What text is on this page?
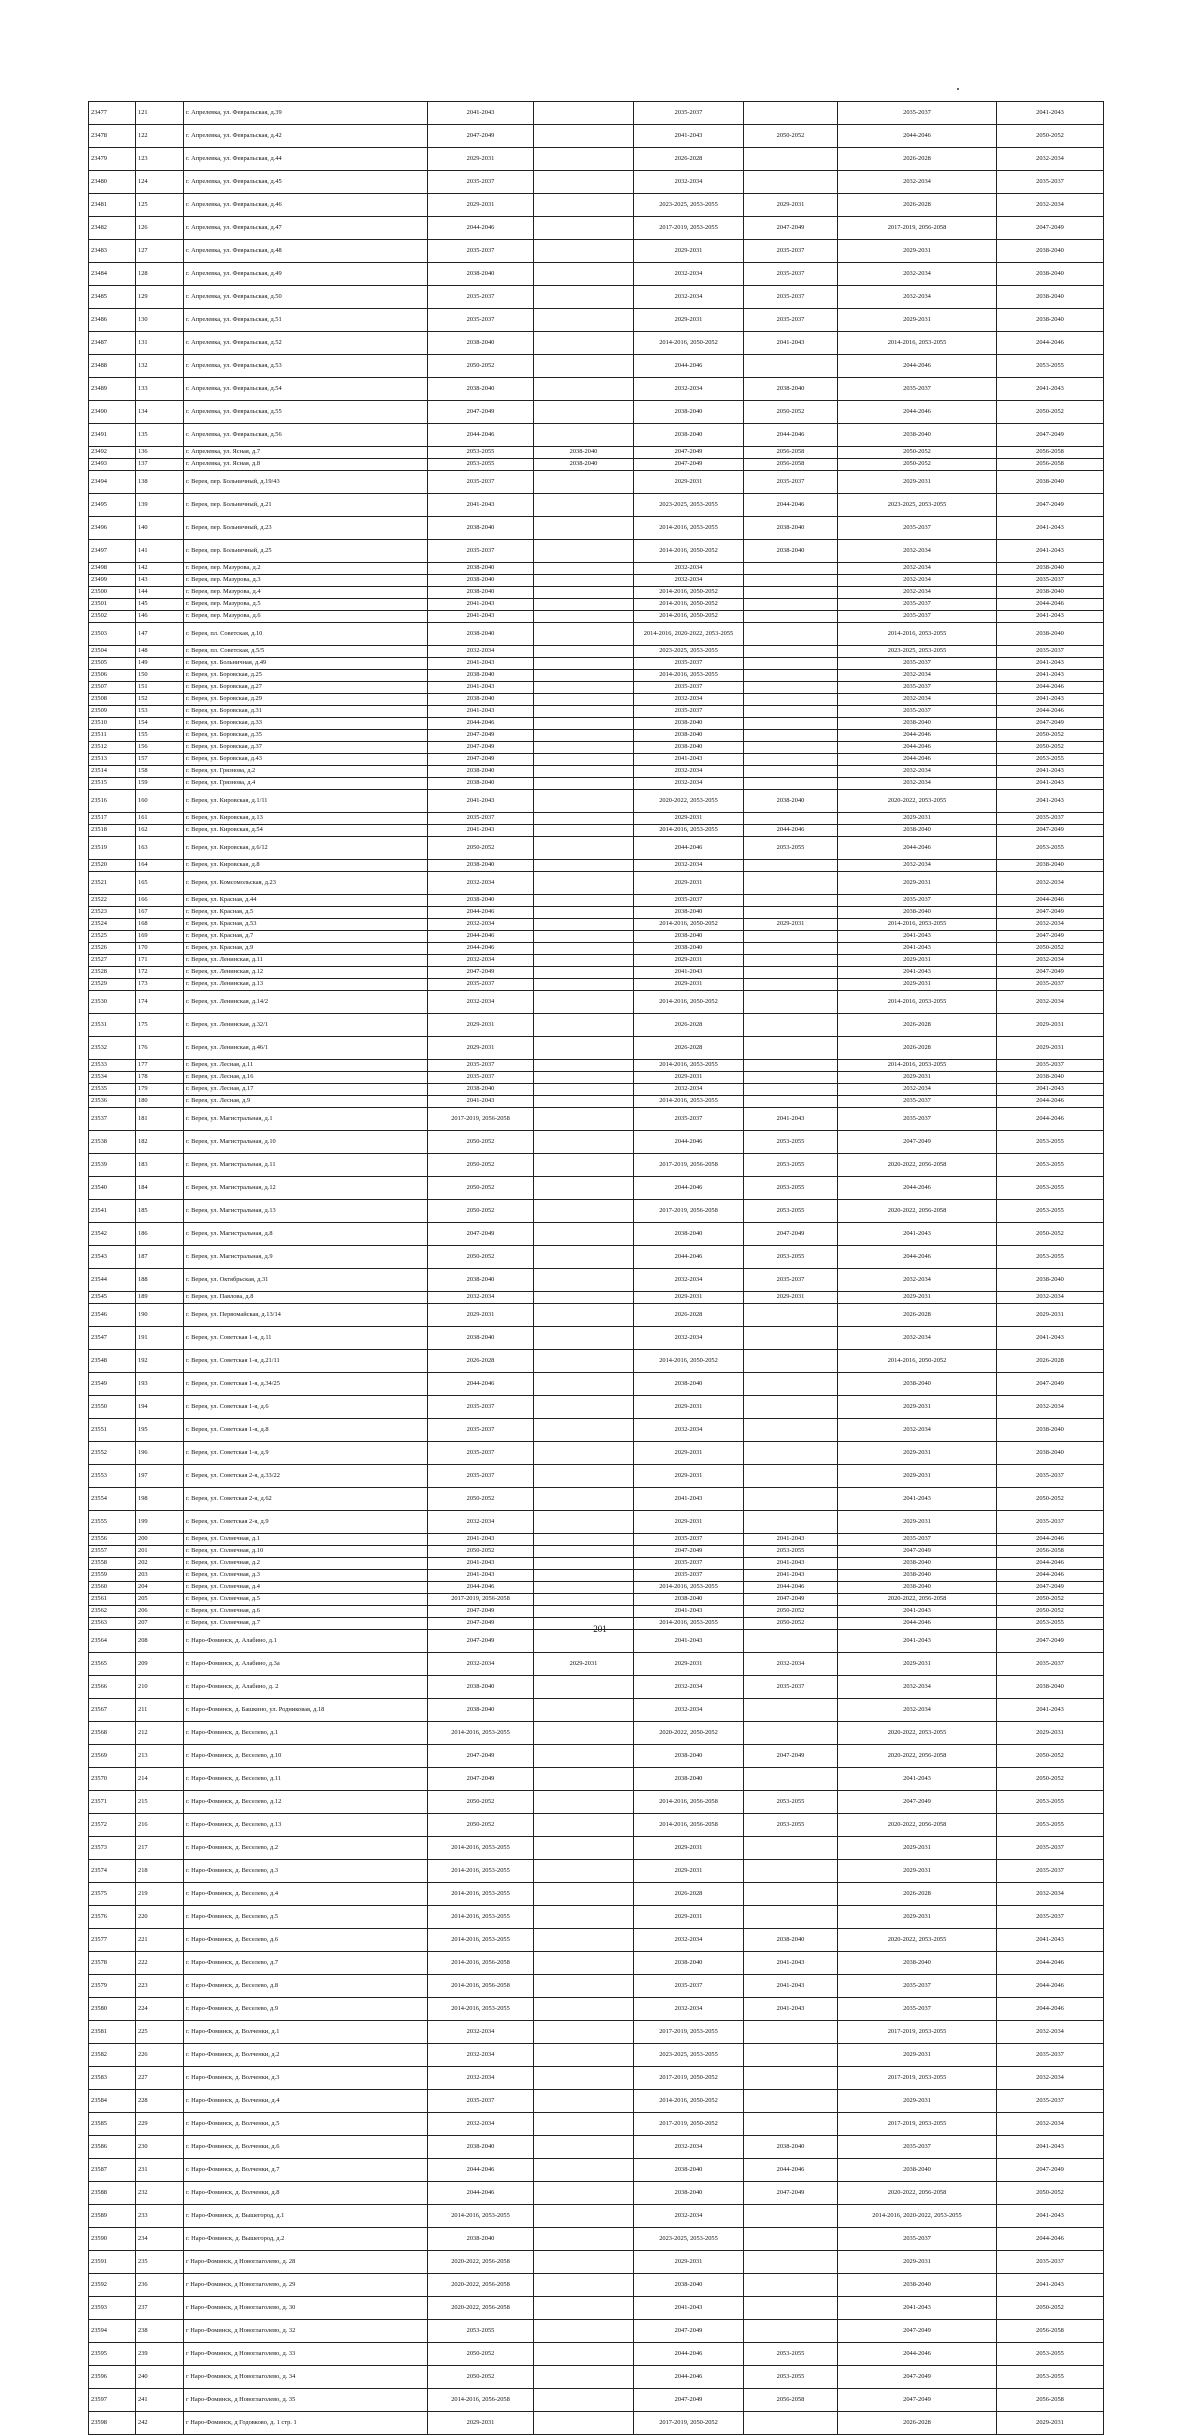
23477	121	г. Апрелевка, ул. Февральская, д.39	2041-2043		2035-2037		2035-2037	2041-2043
23478	122	г. Апрелевка, ул. Февральская, д.42	2047-2049		2041-2043	2050-2052	2044-2046	2050-2052
23479	123	г. Апрелевка, ул. Февральская, д.44	2029-2031		2026-2028		2026-2028	2032-2034
23480	124	г. Апрелевка, ул. Февральская, д.45	2035-2037		2032-2034		2032-2034	2035-2037
23481	125	г. Апрелевка, ул. Февральская, д.46	2029-2031		2023-2025, 2053-2055	2029-2031	2026-2028	2032-2034
23482	126	г. Апрелевка, ул. Февральская, д.47	2044-2046		2017-2019, 2053-2055	2047-2049	2017-2019, 2056-2058	2047-2049
23483	127	г. Апрелевка, ул. Февральская, д.48	2035-2037		2029-2031	2035-2037	2029-2031	2038-2040
23484	128	г. Апрелевка, ул. Февральская, д.49	2038-2040		2032-2034	2035-2037	2032-2034	2038-2040
23485	129	г. Апрелевка, ул. Февральская, д.50	2035-2037		2032-2034	2035-2037	2032-2034	2038-2040
23486	130	г. Апрелевка, ул. Февральская, д.51	2035-2037		2029-2031	2035-2037	2029-2031	2038-2040
23487	131	г. Апрелевка, ул. Февральская, д.52	2038-2040		2014-2016, 2050-2052	2041-2043	2014-2016, 2053-2055	2044-2046
23488	132	г. Апрелевка, ул. Февральская, д.53	2050-2052		2044-2046		2044-2046	2053-2055
23489	133	г. Апрелевка, ул. Февральская, д.54	2038-2040		2032-2034	2038-2040	2035-2037	2041-2043
23490	134	г. Апрелевка, ул. Февральская, д.55	2047-2049		2038-2040	2050-2052	2044-2046	2050-2052
23491	135	г. Апрелевка, ул. Февральская, д.56	2044-2046		2038-2040	2044-2046	2038-2040	2047-2049
23492	136	г. Апрелевка, ул. Ясная, д.7	2053-2055	2038-2040	2047-2049	2056-2058	2050-2052	2056-2058
23493	137	г. Апрелевка, ул. Ясная, д.8	2053-2055	2038-2040	2047-2049	2056-2058	2050-2052	2056-2058
23494	138	г. Верея, пер. Больничный, д.19/43	2035-2037		2029-2031	2035-2037	2029-2031	2038-2040
23495	139	г. Верея, пер. Больничный, д.21	2041-2043		2023-2025, 2053-2055	2044-2046	2023-2025, 2053-2055	2047-2049
23496	140	г. Верея, пер. Больничный, д.23	2038-2040		2014-2016, 2053-2055	2038-2040	2035-2037	2041-2043
23497	141	г. Верея, пер. Больничный, д.25	2035-2037		2014-2016, 2050-2052	2038-2040	2032-2034	2041-2043
23498	142	г. Верея, пер. Мазурова, д.2	2038-2040		2032-2034		2032-2034	2038-2040
23499	143	г. Верея, пер. Мазурова, д.3	2038-2040		2032-2034		2032-2034	2035-2037
23500	144	г. Верея, пер. Мазурова, д.4	2038-2040		2014-2016, 2050-2052		2032-2034	2038-2040
23501	145	г. Верея, пер. Мазурова, д.5	2041-2043		2014-2016, 2050-2052		2035-2037	2044-2046
23502	146	г. Верея, пер. Мазурова, д.6	2041-2043		2014-2016, 2050-2052		2035-2037	2041-2043
23503	147	г. Верея, пл. Советская, д.10	2038-2040		2014-2016, 2020-2022, 2053-2055		2014-2016, 2053-2055	2038-2040
23504	148	г. Верея, пл. Советская, д.5/5	2032-2034		2023-2025, 2053-2055		2023-2025, 2053-2055	2035-2037
23505	149	г. Верея, ул. Больничная, д.49	2041-2043		2035-2037		2035-2037	2041-2043
23506	150	г. Верея, ул. Боровская, д.25	2038-2040		2014-2016, 2053-2055		2032-2034	2041-2043
23507	151	г. Верея, ул. Боровская, д.27	2041-2043		2035-2037		2035-2037	2044-2046
23508	152	г. Верея, ул. Боровская, д.29	2038-2040		2032-2034		2032-2034	2041-2043
23509	153	г. Верея, ул. Боровская, д.31	2041-2043		2035-2037		2035-2037	2044-2046
23510	154	г. Верея, ул. Боровская, д.33	2044-2046		2038-2040		2038-2040	2047-2049
23511	155	г. Верея, ул. Боровская, д.35	2047-2049		2038-2040		2044-2046	2050-2052
23512	156	г. Верея, ул. Боровская, д.37	2047-2049		2038-2040		2044-2046	2050-2052
23513	157	г. Верея, ул. Боровская, д.43	2047-2049		2041-2043		2044-2046	2053-2055
23514	158	г. Верея, ул. Грязнова, д.2	2038-2040		2032-2034		2032-2034	2041-2043
23515	159	г. Верея, ул. Грязнова, д.4	2038-2040		2032-2034		2032-2034	2041-2043
23516	160	г. Верея, ул. Кировская, д.1/11	2041-2043		2020-2022, 2053-2055	2038-2040	2020-2022, 2053-2055	2041-2043
23517	161	г. Верея, ул. Кировская, д.13	2035-2037		2029-2031		2029-2031	2035-2037
23518	162	г. Верея, ул. Кировская, д.54	2041-2043		2014-2016, 2053-2055	2044-2046	2038-2040	2047-2049
23519	163	г. Верея, ул. Кировская, д.6/12	2050-2052		2044-2046	2053-2055	2044-2046	2053-2055
23520	164	г. Верея, ул. Кировская, д.8	2038-2040		2032-2034		2032-2034	2038-2040
23521	165	г. Верея, ул. Комсомольская, д.23	2032-2034		2029-2031		2029-2031	2032-2034
23522	166	г. Верея, ул. Красная, д.44	2038-2040		2035-2037		2035-2037	2044-2046
23523	167	г. Верея, ул. Красная, д.5	2044-2046		2038-2040		2038-2040	2047-2049
23524	168	г. Верея, ул. Красная, д.53	2032-2034		2014-2016, 2050-2052	2029-2031	2014-2016, 2053-2055	2032-2034
23525	169	г. Верея, ул. Красная, д.7	2044-2046		2038-2040		2041-2043	2047-2049
23526	170	г. Верея, ул. Красная, д.9	2044-2046		2038-2040		2041-2043	2050-2052
23527	171	г. Верея, ул. Ленинская, д.11	2032-2034		2029-2031		2029-2031	2032-2034
23528	172	г. Верея, ул. Ленинская, д.12	2047-2049		2041-2043		2041-2043	2047-2049
23529	173	г. Верея, ул. Ленинская, д.13	2035-2037		2029-2031		2029-2031	2035-2037
23530	174	г. Верея, ул. Ленинская, д.14/2	2032-2034		2014-2016, 2050-2052		2014-2016, 2053-2055	2032-2034
23531	175	г. Верея, ул. Ленинская, д.32/1	2029-2031		2026-2028		2026-2028	2029-2031
23532	176	г. Верея, ул. Ленинская, д.46/1	2029-2031		2026-2028		2026-2028	2029-2031
23533	177	г. Верея, ул. Лесная, д.11	2035-2037		2014-2016, 2053-2055		2014-2016, 2053-2055	2035-2037
23534	178	г. Верея, ул. Лесная, д.16	2035-2037		2029-2031		2029-2031	2038-2040
23535	179	г. Верея, ул. Лесная, д.17	2038-2040		2032-2034		2032-2034	2041-2043
23536	180	г. Верея, ул. Лесная, д.9	2041-2043		2014-2016, 2053-2055		2035-2037	2044-2046
23537	181	г. Верея, ул. Магистральная, д.1	2017-2019, 2056-2058		2035-2037	2041-2043	2035-2037	2044-2046
23538	182	г. Верея, ул. Магистральная, д.10	2050-2052		2044-2046	2053-2055	2047-2049	2053-2055
23539	183	г. Верея, ул. Магистральная, д.11	2050-2052		2017-2019, 2056-2058	2053-2055	2020-2022, 2056-2058	2053-2055
23540	184	г. Верея, ул. Магистральная, д.12	2050-2052		2044-2046	2053-2055	2044-2046	2053-2055
23541	185	г. Верея, ул. Магистральная, д.13	2050-2052		2017-2019, 2056-2058	2053-2055	2020-2022, 2056-2058	2053-2055
23542	186	г. Верея, ул. Магистральная, д.8	2047-2049		2038-2040	2047-2049	2041-2043	2050-2052
23543	187	г. Верея, ул. Магистральная, д.9	2050-2052		2044-2046	2053-2055	2044-2046	2053-2055
23544	188	г. Верея, ул. Октябрьская, д.31	2038-2040		2032-2034	2035-2037	2032-2034	2038-2040
23545	189	г. Верея, ул. Павлова, д.8	2032-2034		2029-2031	2029-2031	2029-2031	2032-2034
23546	190	г. Верея, ул. Первомайская, д.13/14	2029-2031		2026-2028		2026-2028	2029-2031
23547	191	г. Верея, ул. Советская 1-я, д.11	2038-2040		2032-2034		2032-2034	2041-2043
23548	192	г. Верея, ул. Советская 1-я, д.21/11	2026-2028		2014-2016, 2050-2052		2014-2016, 2050-2052	2026-2028
23549	193	г. Верея, ул. Советская 1-я, д.34/25	2044-2046		2038-2040		2038-2040	2047-2049
23550	194	г. Верея, ул. Советская 1-я, д.6	2035-2037		2029-2031		2029-2031	2032-2034
23551	195	г. Верея, ул. Советская 1-я, д.8	2035-2037		2032-2034		2032-2034	2038-2040
23552	196	г. Верея, ул. Советская 1-я, д.9	2035-2037		2029-2031		2029-2031	2038-2040
23553	197	г. Верея, ул. Советская 2-я, д.33/22	2035-2037		2029-2031		2029-2031	2035-2037
23554	198	г. Верея, ул. Советская 2-я, д.62	2050-2052		2041-2043		2041-2043	2050-2052
23555	199	г. Верея, ул. Советская 2-я, д.9	2032-2034		2029-2031		2029-2031	2035-2037
23556	200	г. Верея, ул. Солнечная, д.1	2041-2043		2035-2037	2041-2043	2035-2037	2044-2046
23557	201	г. Верея, ул. Солнечная, д.10	2050-2052		2047-2049	2053-2055	2047-2049	2056-2058
23558	202	г. Верея, ул. Солнечная, д.2	2041-2043		2035-2037	2041-2043	2038-2040	2044-2046
23559	203	г. Верея, ул. Солнечная, д.3	2041-2043		2035-2037	2041-2043	2038-2040	2044-2046
23560	204	г. Верея, ул. Солнечная, д.4	2044-2046		2014-2016, 2053-2055	2044-2046	2038-2040	2047-2049
23561	205	г. Верея, ул. Солнечная, д.5	2017-2019, 2056-2058		2038-2040	2047-2049	2020-2022, 2056-2058	2050-2052
23562	206	г. Верея, ул. Солнечная, д.6	2047-2049		2041-2043	2050-2052	2041-2043	2050-2052
23563	207	г. Верея, ул. Солнечная, д.7	2047-2049		2014-2016, 2053-2055	2050-2052	2044-2046	2053-2055
23564	208	г. Наро-Фоминск, д. Алабино, д.1	2047-2049		2041-2043		2041-2043	2047-2049
23565	209	г. Наро-Фоминск, д. Алабино, д.3а	2032-2034	2029-2031	2029-2031	2032-2034	2029-2031	2035-2037
23566	210	г. Наро-Фоминск, д. Алабино, д. 2	2038-2040		2032-2034	2035-2037	2032-2034	2038-2040
23567	211	г. Наро-Фоминск, д. Башкино, ул. Родниковая, д.18	2038-2040		2032-2034		2032-2034	2041-2043
23568	212	г. Наро-Фоминск, д. Веселево, д.1	2014-2016, 2053-2055		2020-2022, 2050-2052		2020-2022, 2053-2055	2029-2031
23569	213	г. Наро-Фоминск, д. Веселево, д.10	2047-2049		2038-2040	2047-2049	2020-2022, 2056-2058	2050-2052
23570	214	г. Наро-Фоминск, д. Веселево, д.11	2047-2049		2038-2040		2041-2043	2050-2052
23571	215	г. Наро-Фоминск, д. Веселево, д.12	2050-2052		2014-2016, 2056-2058	2053-2055	2047-2049	2053-2055
23572	216	г. Наро-Фоминск, д. Веселево, д.13	2050-2052		2014-2016, 2056-2058	2053-2055	2020-2022, 2056-2058	2053-2055
23573	217	г. Наро-Фоминск, д. Веселево, д.2	2014-2016, 2053-2055		2029-2031		2029-2031	2035-2037
23574	218	г. Наро-Фоминск, д. Веселево, д.3	2014-2016, 2053-2055		2029-2031		2029-2031	2035-2037
23575	219	г. Наро-Фоминск, д. Веселево, д.4	2014-2016, 2053-2055		2026-2028		2026-2028	2032-2034
23576	220	г. Наро-Фоминск, д. Веселево, д.5	2014-2016, 2053-2055		2029-2031		2029-2031	2035-2037
23577	221	г. Наро-Фоминск, д. Веселево, д.6	2014-2016, 2053-2055		2032-2034	2038-2040	2020-2022, 2053-2055	2041-2043
23578	222	г. Наро-Фоминск, д. Веселево, д.7	2014-2016, 2056-2058		2038-2040	2041-2043	2038-2040	2044-2046
23579	223	г. Наро-Фоминск, д. Веселево, д.8	2014-2016, 2056-2058		2035-2037	2041-2043	2035-2037	2044-2046
23580	224	г. Наро-Фоминск, д. Веселево, д.9	2014-2016, 2053-2055		2032-2034	2041-2043	2035-2037	2044-2046
23581	225	г. Наро-Фоминск, д. Волченки, д.1	2032-2034		2017-2019, 2053-2055		2017-2019, 2053-2055	2032-2034
23582	226	г. Наро-Фоминск, д. Волченки, д.2	2032-2034		2023-2025, 2053-2055		2029-2031	2035-2037
23583	227	г. Наро-Фоминск, д. Волченки, д.3	2032-2034		2017-2019, 2050-2052		2017-2019, 2053-2055	2032-2034
23584	228	г. Наро-Фоминск, д. Волченки, д.4	2035-2037		2014-2016, 2050-2052		2029-2031	2035-2037
23585	229	г. Наро-Фоминск, д. Волченки, д.5	2032-2034		2017-2019, 2050-2052		2017-2019, 2053-2055	2032-2034
23586	230	г. Наро-Фоминск, д. Волченки, д.6	2038-2040		2032-2034	2038-2040	2035-2037	2041-2043
23587	231	г. Наро-Фоминск, д. Волченки, д.7	2044-2046		2038-2040	2044-2046	2038-2040	2047-2049
23588	232	г. Наро-Фоминск, д. Волченки, д.8	2044-2046		2038-2040	2047-2049	2020-2022, 2056-2058	2050-2052
23589	233	г. Наро-Фоминск, д. Вышегород, д.1	2014-2016, 2053-2055		2032-2034		2014-2016, 2020-2022, 2053-2055	2041-2043
23590	234	г. Наро-Фоминск, д. Вышегород, д.2	2038-2040		2023-2025, 2053-2055		2035-2037	2044-2046
23591	235	г Наро-Фоминск, д Новоглаголево, д. 28	2020-2022, 2056-2058		2029-2031		2029-2031	2035-2037
23592	236	г Наро-Фоминск, д Новоглаголево, д. 29	2020-2022, 2056-2058		2038-2040		2038-2040	2041-2043
23593	237	г Наро-Фоминск, д Новоглаголево, д. 30	2020-2022, 2056-2058		2041-2043		2041-2043	2050-2052
23594	238	г Наро-Фоминск, д Новоглаголево, д. 32	2053-2055		2047-2049		2047-2049	2056-2058
23595	239	г Наро-Фоминск, д Новоглаголево, д. 33	2050-2052		2044-2046	2053-2055	2044-2046	2053-2055
23596	240	г Наро-Фоминск, д Новоглаголево, д. 34	2050-2052		2044-2046	2053-2055	2047-2049	2053-2055
23597	241	г Наро-Фоминск, д Новоглаголево, д. 35	2014-2016, 2056-2058		2047-2049	2056-2058	2047-2049	2056-2058
23598	242	г Наро-Фоминск, д Годовково, д. 1 стр. 1	2029-2031		2017-2019, 2050-2052		2026-2028	2029-2031
201
